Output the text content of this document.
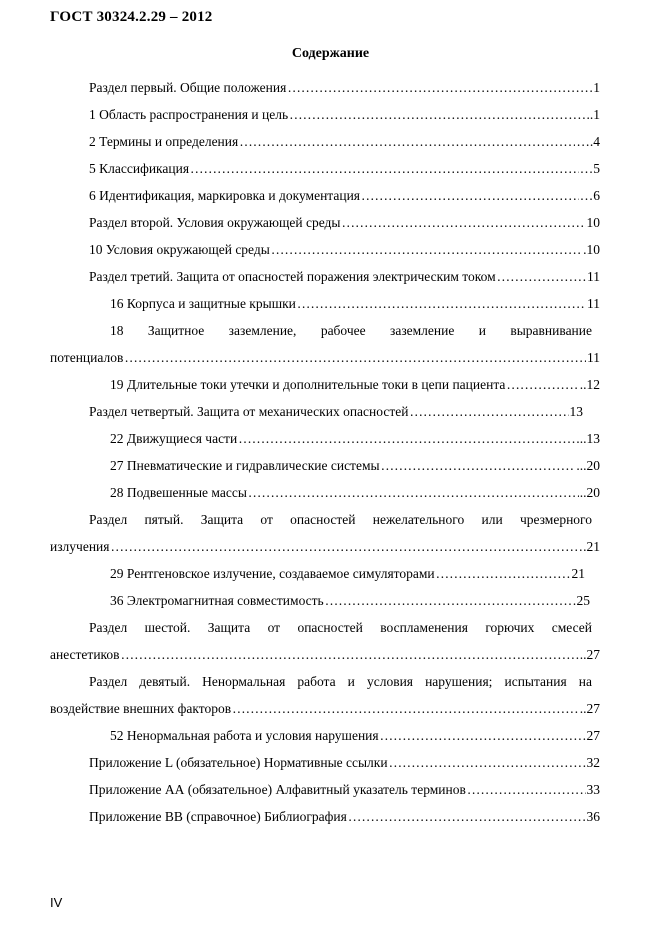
ГОСТ 30324.2.29 – 2012
Содержание
Раздел первый. Общие положения ……………………………………………………………………………………………………………………………………………………………………	1
1 Область распространения и цель ……………………………………………………………………………………………………………………………………………………………………	..1
2 Термины и определения ……………………………………………………………………………………………………………………………………………………………………	….4
5 Классификация ……………………………………………………………………………………………………………………………………………………………………	…5
6 Идентификация, маркировка и документация ……………………………………………………………………………………………………………………………………………………………………	…6
Раздел второй. Условия окружающей среды ……………………………………………………………………………………………………………………………………………………………………	10
10 Условия окружающей среды ……………………………………………………………………………………………………………………………………………………………………	.10
Раздел третий. Защита от опасностей поражения электрическим током ……………………………………………………………………………………………………………………………………………………………………	11
16 Корпуса и защитные крышки ……………………………………………………………………………………………………………………………………………………………………	11
18 Защитное заземление, рабочее заземление и выравнивание
потенциалов ……………………………………………………………………………………………………………………………………………………………………	11
19 Длительные токи утечки и дополнительные токи в цепи пациента ……………………………………………………………………………………………………………………………………………………………………	..12
Раздел четвертый. Защита от механических опасностей ……………………………………………………………………………………………………………………………………………………………………	13
22 Движущиеся части ……………………………………………………………………………………………………………………………………………………………………	..13
27 Пневматические и гидравлические системы ……………………………………………………………………………………………………………………………………………………………………	...20
28 Подвешенные массы ……………………………………………………………………………………………………………………………………………………………………	..20
Раздел пятый. Защита от опасностей нежелательного или чрезмерного
излучения ……………………………………………………………………………………………………………………………………………………………………	.21
29 Рентгеновское излучение, создаваемое симуляторами ……………………………………………………………………………………………………………………………………………………………………	21
36 Электромагнитная совместимость ……………………………………………………………………………………………………………………………………………………………………	25
Раздел шестой. Защита от опасностей воспламенения горючих смесей
анестетиков ……………………………………………………………………………………………………………………………………………………………………	..27
Раздел девятый. Ненормальная работа и условия нарушения; испытания на
воздействие внешних факторов ……………………………………………………………………………………………………………………………………………………………………	..27
52 Ненормальная работа и условия нарушения ……………………………………………………………………………………………………………………………………………………………………	27
Приложение L (обязательное) Нормативные ссылки ……………………………………………………………………………………………………………………………………………………………………	32
Приложение АА (обязательное) Алфавитный указатель терминов ……………………………………………………………………………………………………………………………………………………………………	33
Приложение ВВ (справочное) Библиография ……………………………………………………………………………………………………………………………………………………………………	36
IV
